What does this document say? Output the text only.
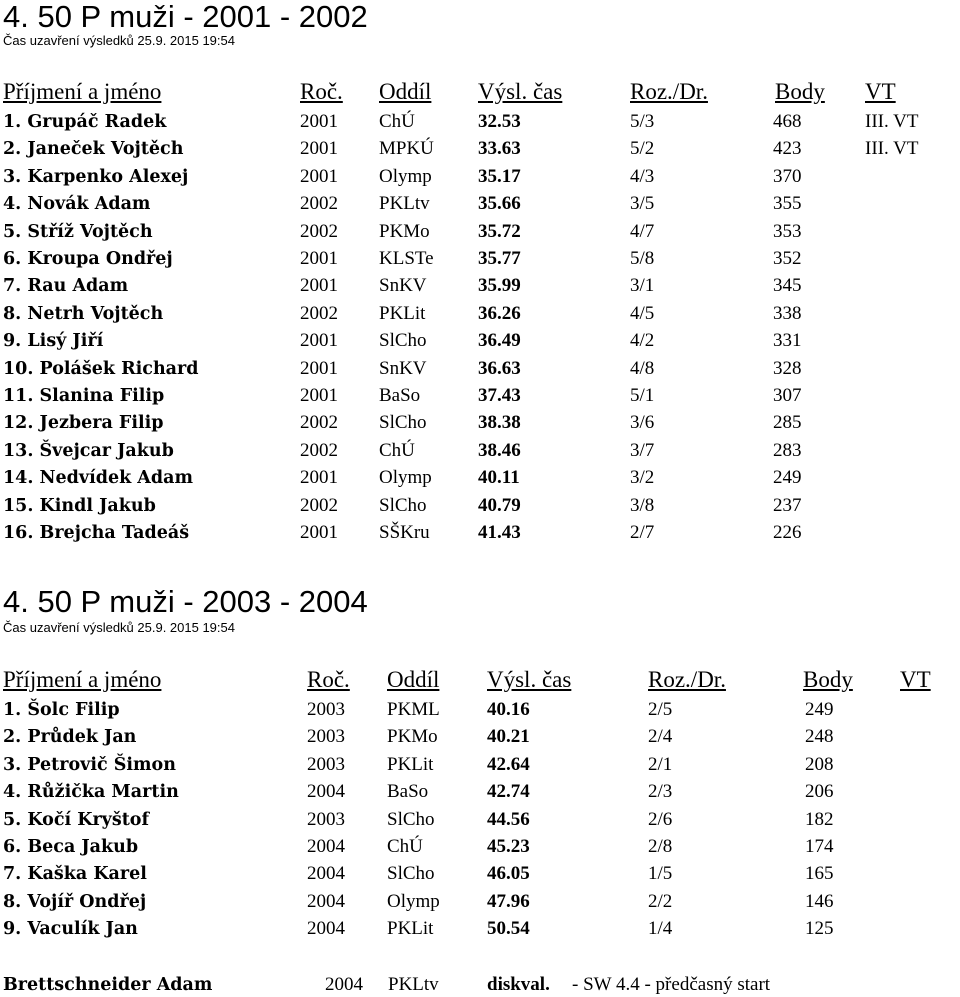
4. 50 P muži - 2001 - 2002
Čas uzavření výsledků 25.9. 2015 19:54
Příjmení a jméno	Roč. Oddíl Výsl. čas	Roz./Dr.	Body VT
1. Grupáč Radek	2001 ChÚ	32.53	5/3	468	III. VT
2. Janeček Vojtěch	2001 MPKÚ 33.63	5/2	423	III. VT
3. Karpenko Alexej	2001 Olymp 35.17	4/3	370
4. Novák Adam	2002 PKLtv	35.66	3/5	355
5. Stříž Vojtěch	2002 PKMo	35.72	4/7	353
6. Kroupa Ondřej	2001 KLSTe 35.77	5/8	352
7. Rau Adam	2001 SnKV	35.99	3/1	345
8. Netrh Vojtěch	2002 PKLit	36.26	4/5	338
9. Lisý Jiří	2001 SlCho	36.49	4/2	331
10. Polášek Richard	2001 SnKV	36.63	4/8	328
11. Slanina Filip	2001 BaSo	37.43	5/1	307
12. Jezbera Filip	2002 SlCho	38.38	3/6	285
13. Švejcar Jakub	2002 ChÚ	38.46	3/7	283
14. Nedvídek Adam	2001 Olymp 40.11	3/2	249
15. Kindl Jakub	2002 SlCho	40.79	3/8	237
16. Brejcha Tadeáš	2001 SŠKru	41.43	2/7	226
4. 50 P muži - 2003 - 2004
Čas uzavření výsledků 25.9. 2015 19:54
Příjmení a jméno	Roč. Oddíl Výsl. čas	Roz./Dr.	Body VT
1. Šolc Filip	2003 PKML 40.16	2/5	249
2. Průdek Jan	2003 PKMo	40.21	2/4	248
3. Petrovič Šimon	2003 PKLit	42.64	2/1	208
4. Růžička Martin	2004 BaSo	42.74	2/3	206
5. Kočí Kryštof	2003 SlCho	44.56	2/6	182
6. Beca Jakub	2004 ChÚ	45.23	2/8	174
7. Kaška Karel	2004 SlCho	46.05	1/5	165
8. Vojíř Ondřej	2004 Olymp 47.96	2/2	146
9. Vaculík Jan	2004 PKLit	50.54	1/4	125
Brettschneider Adam	2004 PKLtv	diskval. - SW 4.4 - předčasný start
